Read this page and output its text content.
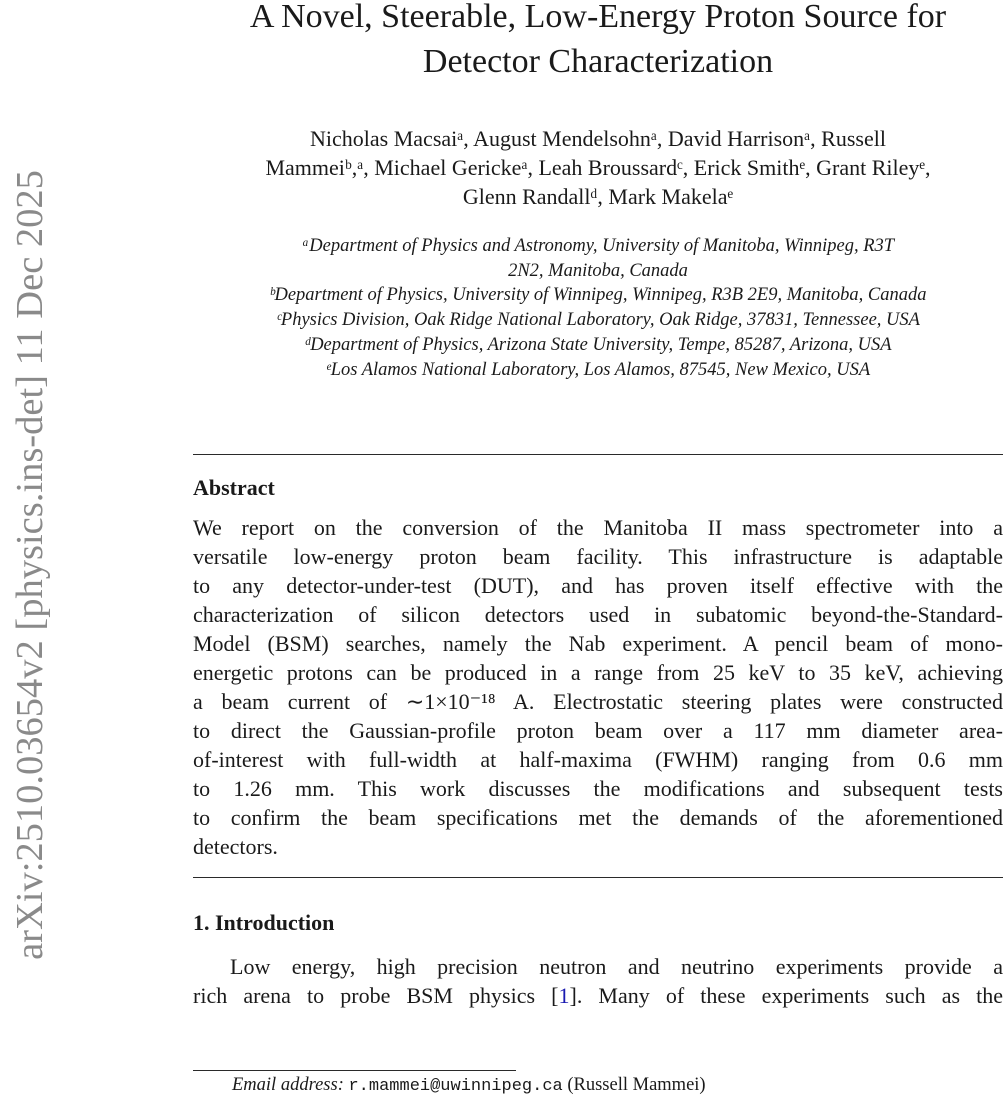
arXiv:2510.03654v2 [physics.ins-det] 11 Dec 2025
A Novel, Steerable, Low-Energy Proton Source for
Detector Characterization
Nicholas Macsaiᵃ, August Mendelsohnᵃ, David Harrisonᵃ, Russell
Mammeiᵇ,ᵃ, Michael Gerickeᵃ, Leah Broussardᶜ, Erick Smithᵉ, Grant Rileyᵉ,
Glenn Randallᵈ, Mark Makelaᵉ
ᵃDepartment of Physics and Astronomy, University of Manitoba, Winnipeg, R3T
2N2, Manitoba, Canada
ᵇDepartment of Physics, University of Winnipeg, Winnipeg, R3B 2E9, Manitoba, Canada
ᶜPhysics Division, Oak Ridge National Laboratory, Oak Ridge, 37831, Tennessee, USA
ᵈDepartment of Physics, Arizona State University, Tempe, 85287, Arizona, USA
ᵉLos Alamos National Laboratory, Los Alamos, 87545, New Mexico, USA
Abstract
We report on the conversion of the Manitoba II mass spectrometer into a
versatile low-energy proton beam facility. This infrastructure is adaptable
to any detector-under-test (DUT), and has proven itself effective with the
characterization of silicon detectors used in subatomic beyond-the-Standard-
Model (BSM) searches, namely the Nab experiment. A pencil beam of mono-
energetic protons can be produced in a range from 25 keV to 35 keV, achieving
a beam current of ∼1×10⁻¹⁸ A. Electrostatic steering plates were constructed
to direct the Gaussian-profile proton beam over a 117 mm diameter area-
of-interest with full-width at half-maxima (FWHM) ranging from 0.6 mm
to 1.26 mm. This work discusses the modifications and subsequent tests
to confirm the beam specifications met the demands of the aforementioned
detectors.
1. Introduction
Low energy, high precision neutron and neutrino experiments provide a
rich arena to probe BSM physics [1]. Many of these experiments such as the
Email address: r.mammei@uwinnipeg.ca (Russell Mammei)
